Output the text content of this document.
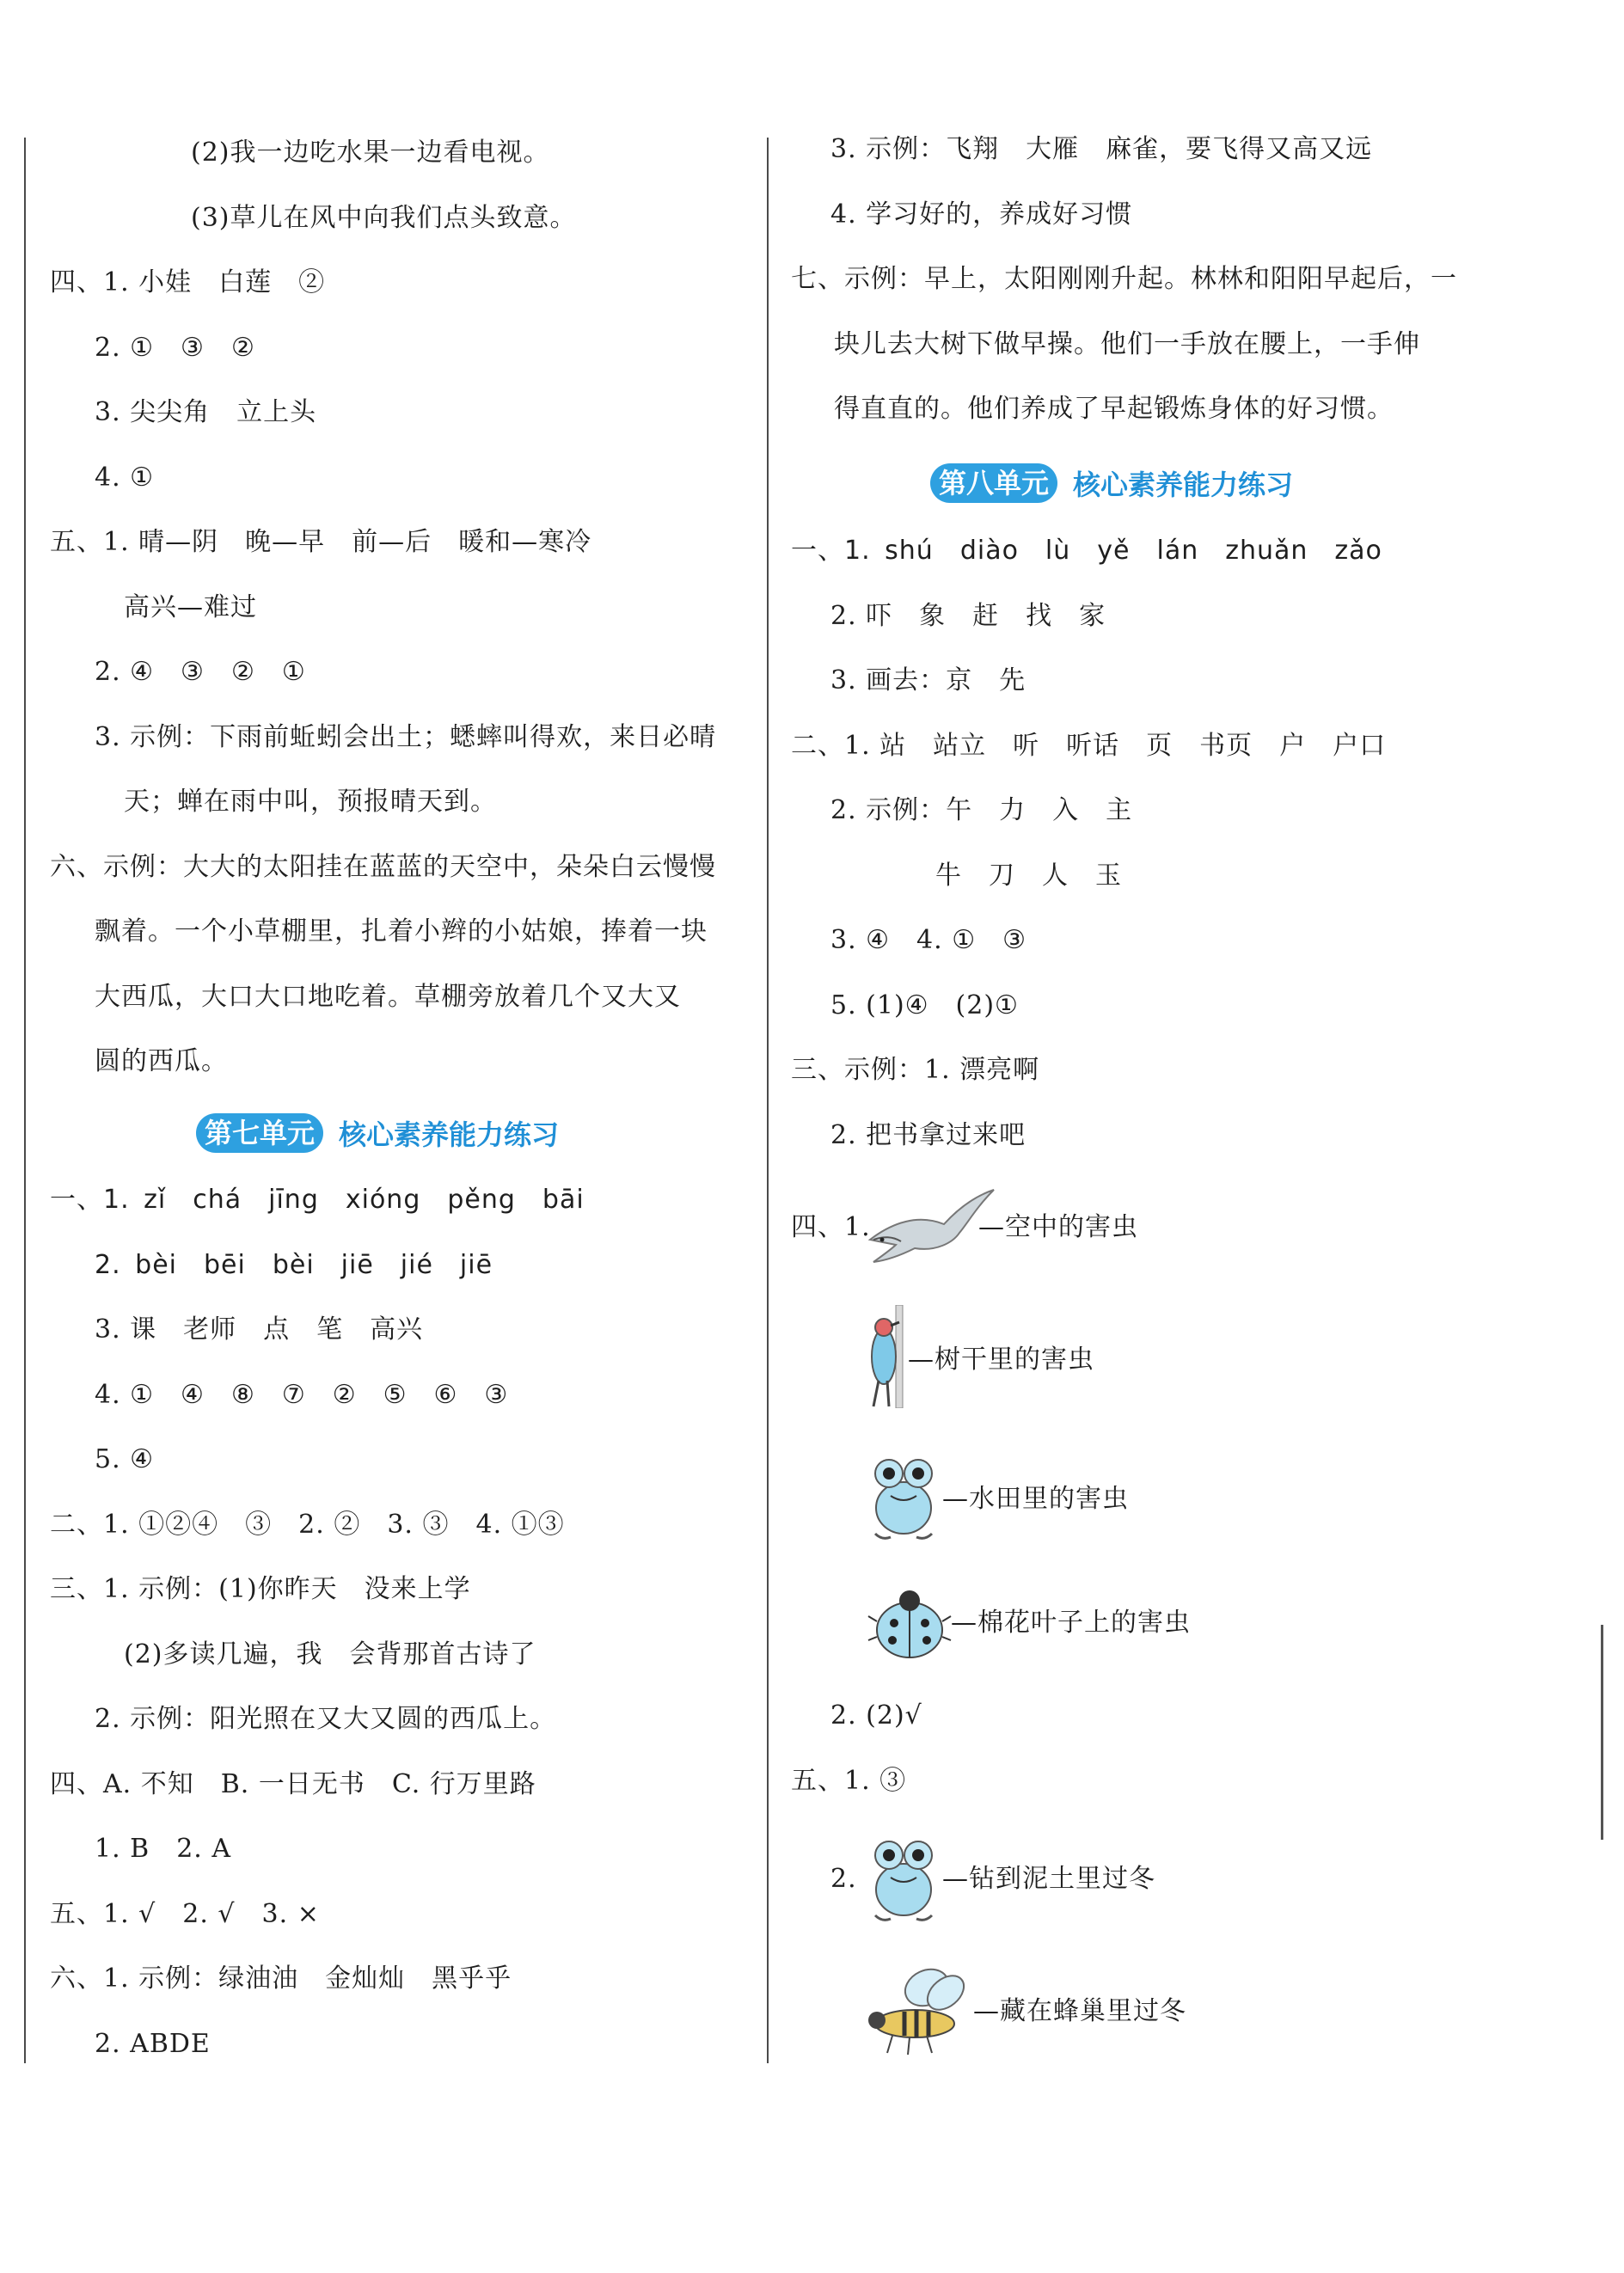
(2)我一边吃水果一边看电视。
(3)草儿在风中向我们点头致意。
四、1. 小娃　白莲　②
2. ①　③　②
3. 尖尖角　立上头
4. ①
五、1. 晴—阴　晚—早　前—后　暖和—寒冷
高兴—难过
2. ④　③　②　①
3. 示例：下雨前蚯蚓会出土；蟋蟀叫得欢，来日必晴
天；蝉在雨中叫，预报晴天到。
六、示例：大大的太阳挂在蓝蓝的天空中，朵朵白云慢慢
飘着。一个小草棚里，扎着小辫的小姑娘，捧着一块
大西瓜，大口大口地吃着。草棚旁放着几个又大又
圆的西瓜。
第七单元 核心素养能力练习
一、1. zǐ　chá　jīng　xióng　pěng　bāi
2. bèi　bēi　bèi　jiē　jié　jiē
3. 课　老师　点　笔　高兴
4. ①　④　⑧　⑦　②　⑤　⑥　③
5. ④
二、1. ①②④　③　2. ②　3. ③　4. ①③
三、1. 示例：(1)你昨天　没来上学
(2)多读几遍，我　会背那首古诗了
2. 示例：阳光照在又大又圆的西瓜上。
四、A. 不知　B. 一日无书　C. 行万里路
1. B　2. A
五、1. √　2. √　3. ×
六、1. 示例：绿油油　金灿灿　黑乎乎
2. ABDE
3. 示例：飞翔　大雁　麻雀，要飞得又高又远
4. 学习好的，养成好习惯
七、示例：早上，太阳刚刚升起。林林和阳阳早起后，一
块儿去大树下做早操。他们一手放在腰上，一手伸
得直直的。他们养成了早起锻炼身体的好习惯。
第八单元 核心素养能力练习
一、1. shú　diào　lù　yě　lán　zhuǎn　zǎo
2. 吓　象　赶　找　家
3. 画去：京　先
二、1. 站　站立　听　听话　页　书页　户　户口
2. 示例：午　力　入　主
牛　刀　人　玉
3. ④　4. ①　③
5. (1)④　(2)①
三、示例：1. 漂亮啊
2. 把书拿过来吧
四、1.	—空中的害虫
—树干里的害虫
—水田里的害虫
—棉花叶子上的害虫
2. (2)√
五、1. ③
2.	—钻到泥土里过冬
—藏在蜂巢里过冬
